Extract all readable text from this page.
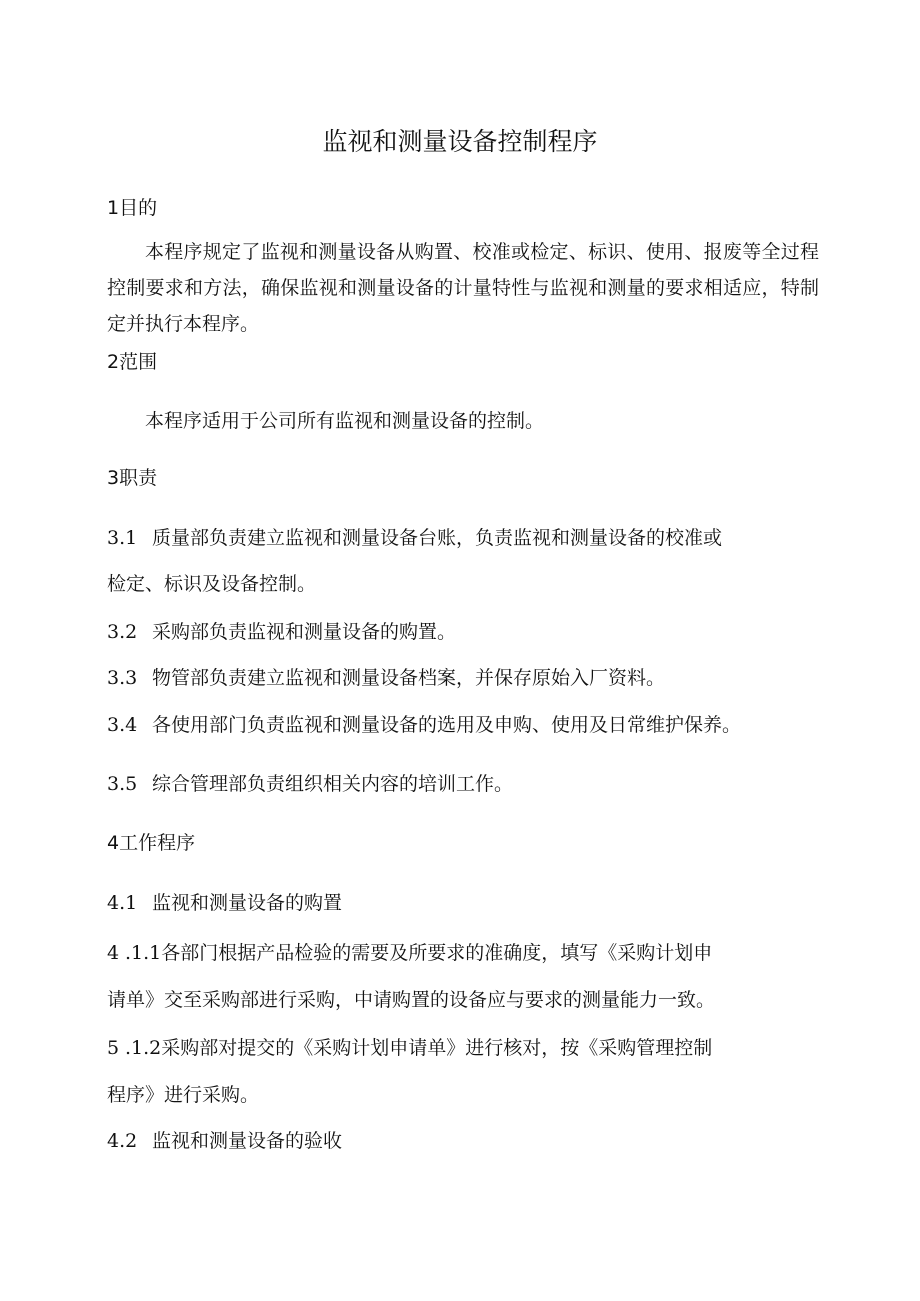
监视和测量设备控制程序
1目的
本程序规定了监视和测量设备从购置、校准或检定、标识、使用、报废等全过程控制要求和方法，确保监视和测量设备的计量特性与监视和测量的要求相适应，特制定并执行本程序。
2范围
本程序适用于公司所有监视和测量设备的控制。
3职责
3.1 质量部负责建立监视和测量设备台账，负责监视和测量设备的校准或
检定、标识及设备控制。
3.2 采购部负责监视和测量设备的购置。
3.3 物管部负责建立监视和测量设备档案，并保存原始入厂资料。
3.4 各使用部门负责监视和测量设备的选用及申购、使用及日常维护保养。
3.5 综合管理部负责组织相关内容的培训工作。
4工作程序
4.1 监视和测量设备的购置
4 .1.1各部门根据产品检验的需要及所要求的准确度，填写《采购计划申
请单》交至采购部进行采购，中请购置的设备应与要求的测量能力一致。
5 .1.2采购部对提交的《采购计划申请单》进行核对，按《采购管理控制
程序》进行采购。
4.2 监视和测量设备的验收
